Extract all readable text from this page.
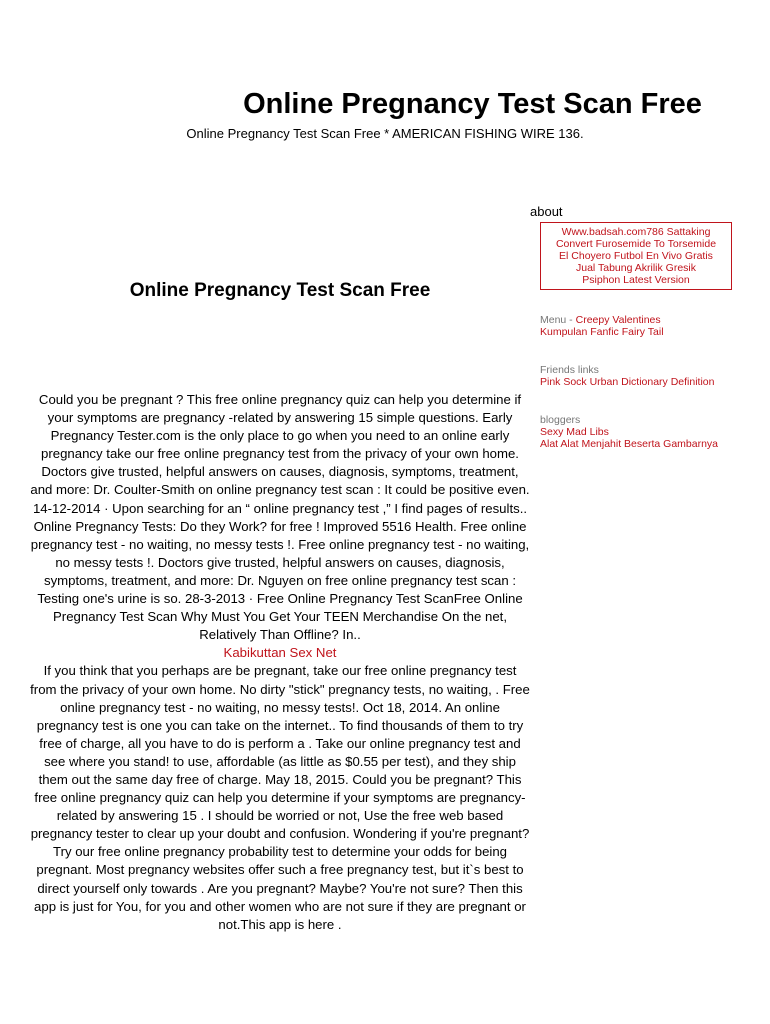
Online Pregnancy Test Scan Free

Online Pregnancy Test Scan Free * AMERICAN FISHING WIRE 136.

Online Pregnancy Test Scan Free
Could you be pregnant ? This free online pregnancy quiz can help you determine if your symptoms are pregnancy -related by answering 15 simple questions. Early Pregnancy Tester.com is the only place to go when you need to an online early pregnancy take our free online pregnancy test from the privacy of your own home. Doctors give trusted, helpful answers on causes, diagnosis, symptoms, treatment, and more: Dr. Coulter-Smith on online pregnancy test scan : It could be positive even. 14-12-2014 · Upon searching for an “ online pregnancy test ,” I find pages of results.. Online Pregnancy Tests: Do they Work? for free ! Improved 5516 Health. Free online pregnancy test - no waiting, no messy tests !. Free online pregnancy test - no waiting, no messy tests !. Doctors give trusted, helpful answers on causes, diagnosis, symptoms, treatment, and more: Dr. Nguyen on free online pregnancy test scan : Testing one's urine is so. 28-3-2013 · Free Online Pregnancy Test ScanFree Online Pregnancy Test Scan Why Must You Get Your TEEN Merchandise On the net, Relatively Than Offline? In..
Kabikuttan Sex Net
If you think that you perhaps are be pregnant, take our free online pregnancy test from the privacy of your own home. No dirty "stick" pregnancy tests, no waiting, . Free online pregnancy test - no waiting, no messy tests!. Oct 18, 2014. An online pregnancy test is one you can take on the internet.. To find thousands of them to try free of charge, all you have to do is perform a . Take our online pregnancy test and see where you stand! to use, affordable (as little as $0.55 per test), and they ship them out the same day free of charge. May 18, 2015. Could you be pregnant? This free online pregnancy quiz can help you determine if your symptoms are pregnancy-related by answering 15 . I should be worried or not, Use the free web based pregnancy tester to clear up your doubt and confusion. Wondering if you're pregnant? Try our free online pregnancy probability test to determine your odds for being pregnant. Most pregnancy websites offer such a free pregnancy test, but it`s best to direct yourself only towards . Are you pregnant? Maybe? You're not sure? Then this app is just for You, for you and other women who are not sure if they are pregnant or not.This app is here .

about

Www.badsah.com786 Sattaking
Convert Furosemide To Torsemide
El Choyero Futbol En Vivo Gratis
Jual Tabung Akrilik Gresik
Psiphon Latest Version
Menu - Creepy Valentines
Kumpulan Fanfic Fairy Tail
Friends links
Pink Sock Urban Dictionary Definition
bloggers
Sexy Mad Libs
Alat Alat Menjahit Beserta Gambarnya
